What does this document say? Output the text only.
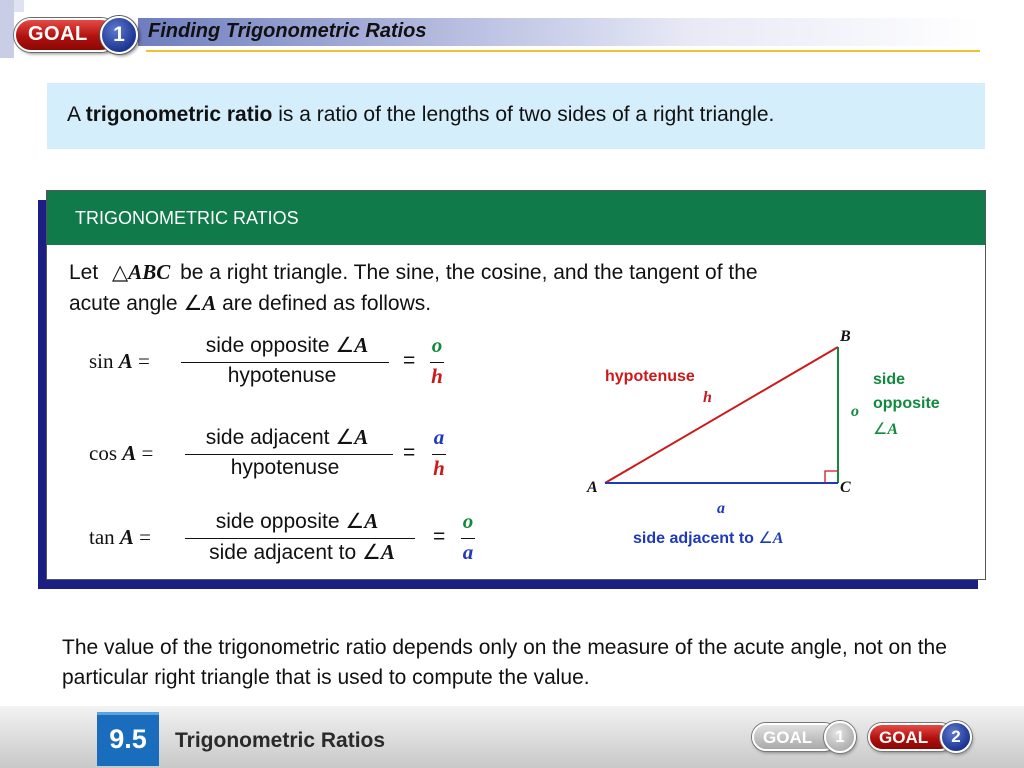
Finding Trigonometric Ratios
GOAL	1
A trigonometric ratio is a ratio of the lengths of two sides of a right triangle.
TRIGONOMETRIC RATIOS
Let △ABC be a right triangle. The sine, the cosine, and the tangent of the
acute angle ∠A are defined as follows.
sin A =
side opposite ∠A
hypotenuse
=
o
h
cos A =
side adjacent ∠A
hypotenuse
=
a
h
tan A =
side opposite ∠A
side adjacent to ∠A
=
o
a
B
A	C
hypotenuse
h
side
opposite
∠A
o
a
side adjacent to ∠A
The value of the trigonometric ratio depends only on the measure of the acute angle, not on the particular right triangle that is used to compute the value.
9.5	Trigonometric Ratios	GOAL	1	GOAL	2
